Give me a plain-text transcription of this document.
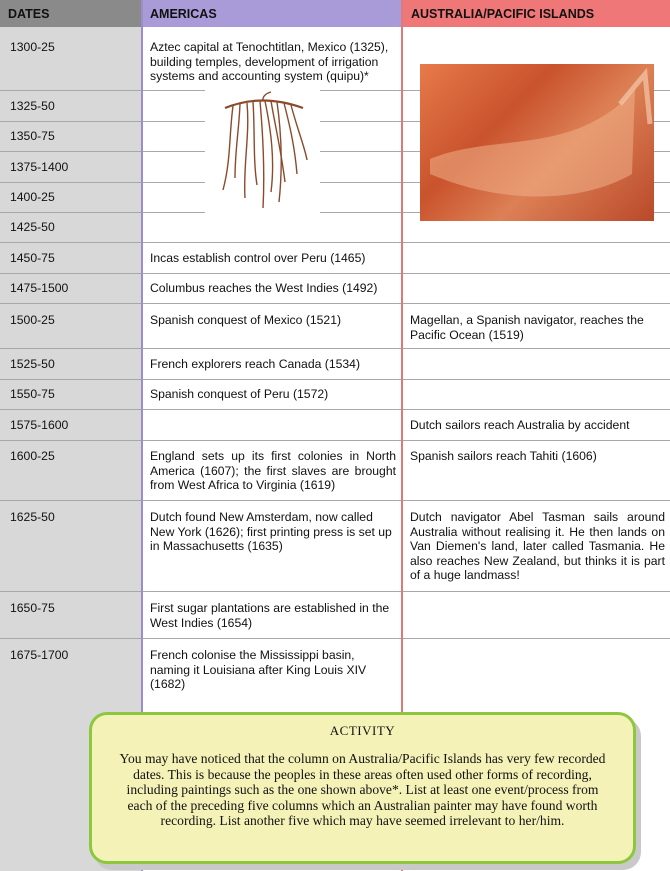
DATES	AMERICAS	AUSTRALIA/PACIFIC ISLANDS
1300-25
1325-50
1350-75
1375-1400
1400-25
1425-50
1450-75
1475-1500
1500-25
1525-50
1550-75
1575-1600
1600-25
1625-50
1650-75
1675-1700
Aztec capital at Tenochtitlan, Mexico (1325), building temples, development of irrigation systems and accounting system (quipu)*
Incas establish control over Peru (1465)
Columbus reaches the West Indies (1492)
Spanish conquest of Mexico (1521)
French explorers reach Canada (1534)
Spanish conquest of Peru (1572)
England sets up its first colonies in North America (1607); the first slaves are brought from West Africa to Virginia (1619)
Dutch found New Amsterdam, now called New York (1626); first printing press is set up in Massachusetts (1635)
First sugar plantations are established in the West Indies (1654)
French colonise the Mississippi basin, naming it Louisiana after King Louis XIV (1682)
Magellan, a Spanish navigator, reaches the Pacific Ocean (1519)
Dutch sailors reach Australia by accident
Spanish sailors reach Tahiti (1606)
Dutch navigator Abel Tasman sails around Australia without realising it. He then lands on Van Diemen's land, later called Tasmania. He also reaches New Zealand, but thinks it is part of a huge landmass!
ACTIVITY
You may have noticed that the column on Australia/Pacific Islands has very few recorded dates. This is because the peoples in these areas often used other forms of recording, including paintings such as the one shown above*. List at least one event/process from each of the preceding five columns which an Australian painter may have found worth recording. List another five which may have seemed irrelevant to her/him.
